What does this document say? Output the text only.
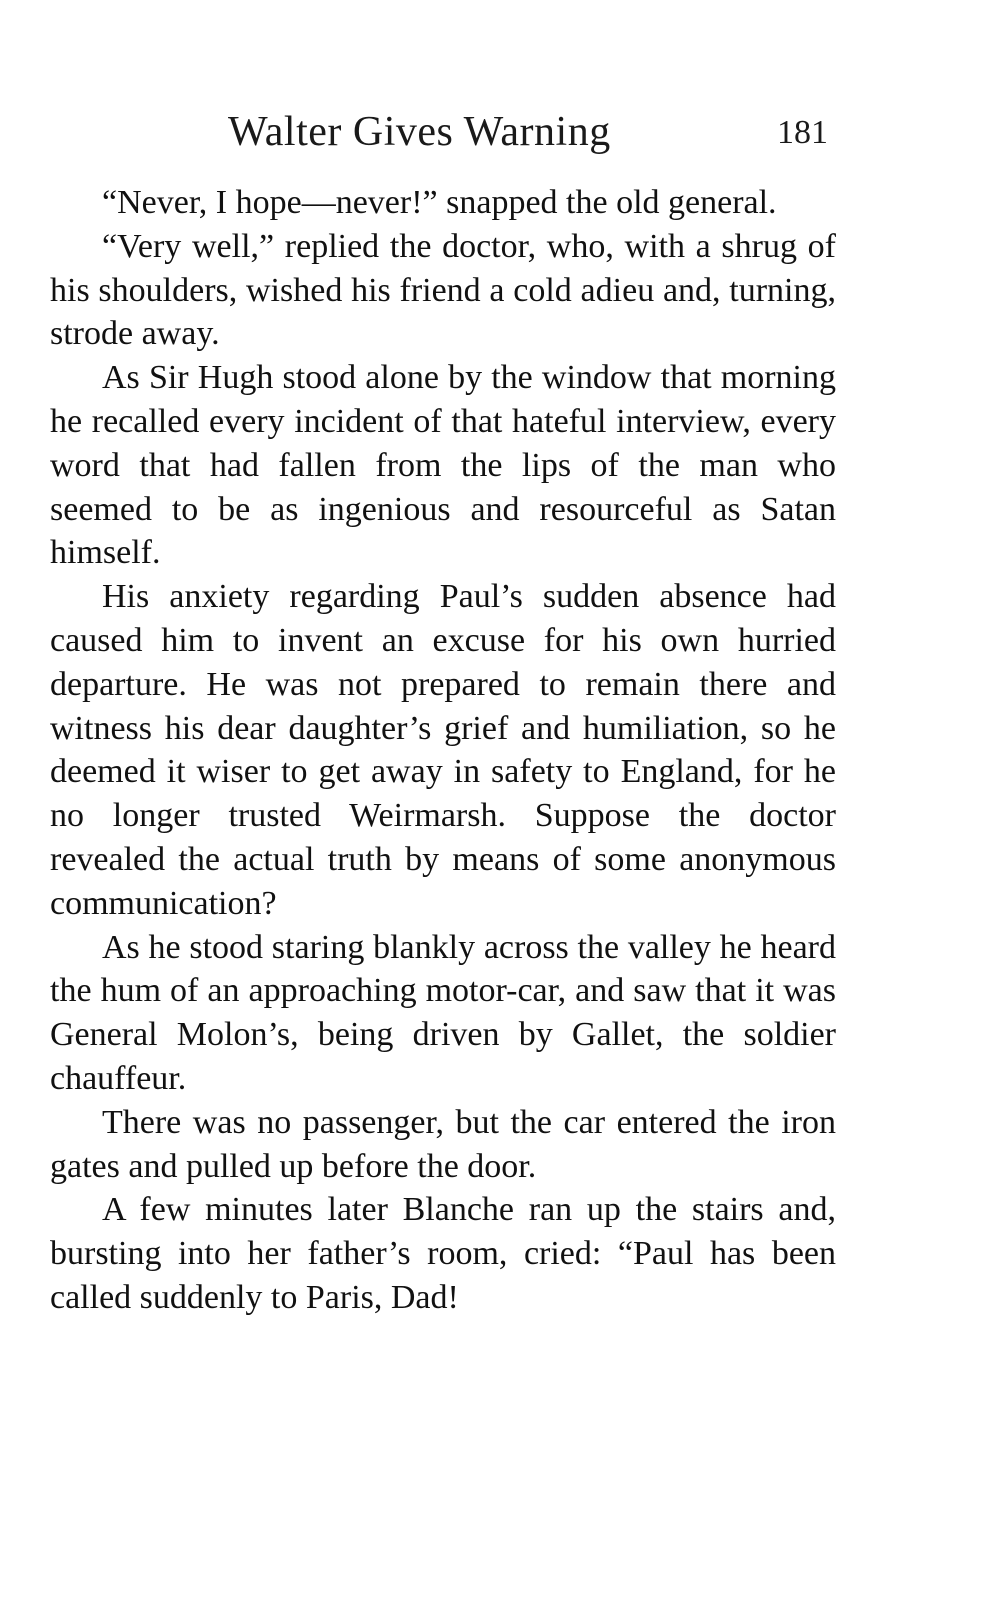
Walter Gives Warning	181

“Never, I hope—never!” snapped the old general.

“Very well,” replied the doctor, who, with a shrug of his shoulders, wished his friend a cold adieu and, turning, strode away.

As Sir Hugh stood alone by the window that morning he recalled every incident of that hateful interview, every word that had fallen from the lips of the man who seemed to be as ingenious and resourceful as Satan himself.

His anxiety regarding Paul’s sudden absence had caused him to invent an excuse for his own hurried departure. He was not prepared to remain there and witness his dear daughter’s grief and humiliation, so he deemed it wiser to get away in safety to England, for he no longer trusted Weirmarsh. Suppose the doctor revealed the actual truth by means of some anonymous communication?

As he stood staring blankly across the valley he heard the hum of an approaching motor-car, and saw that it was General Molon’s, being driven by Gallet, the soldier chauffeur.

There was no passenger, but the car entered the iron gates and pulled up before the door.

A few minutes later Blanche ran up the stairs and, bursting into her father’s room, cried: “Paul has been called suddenly to Paris, Dad!
